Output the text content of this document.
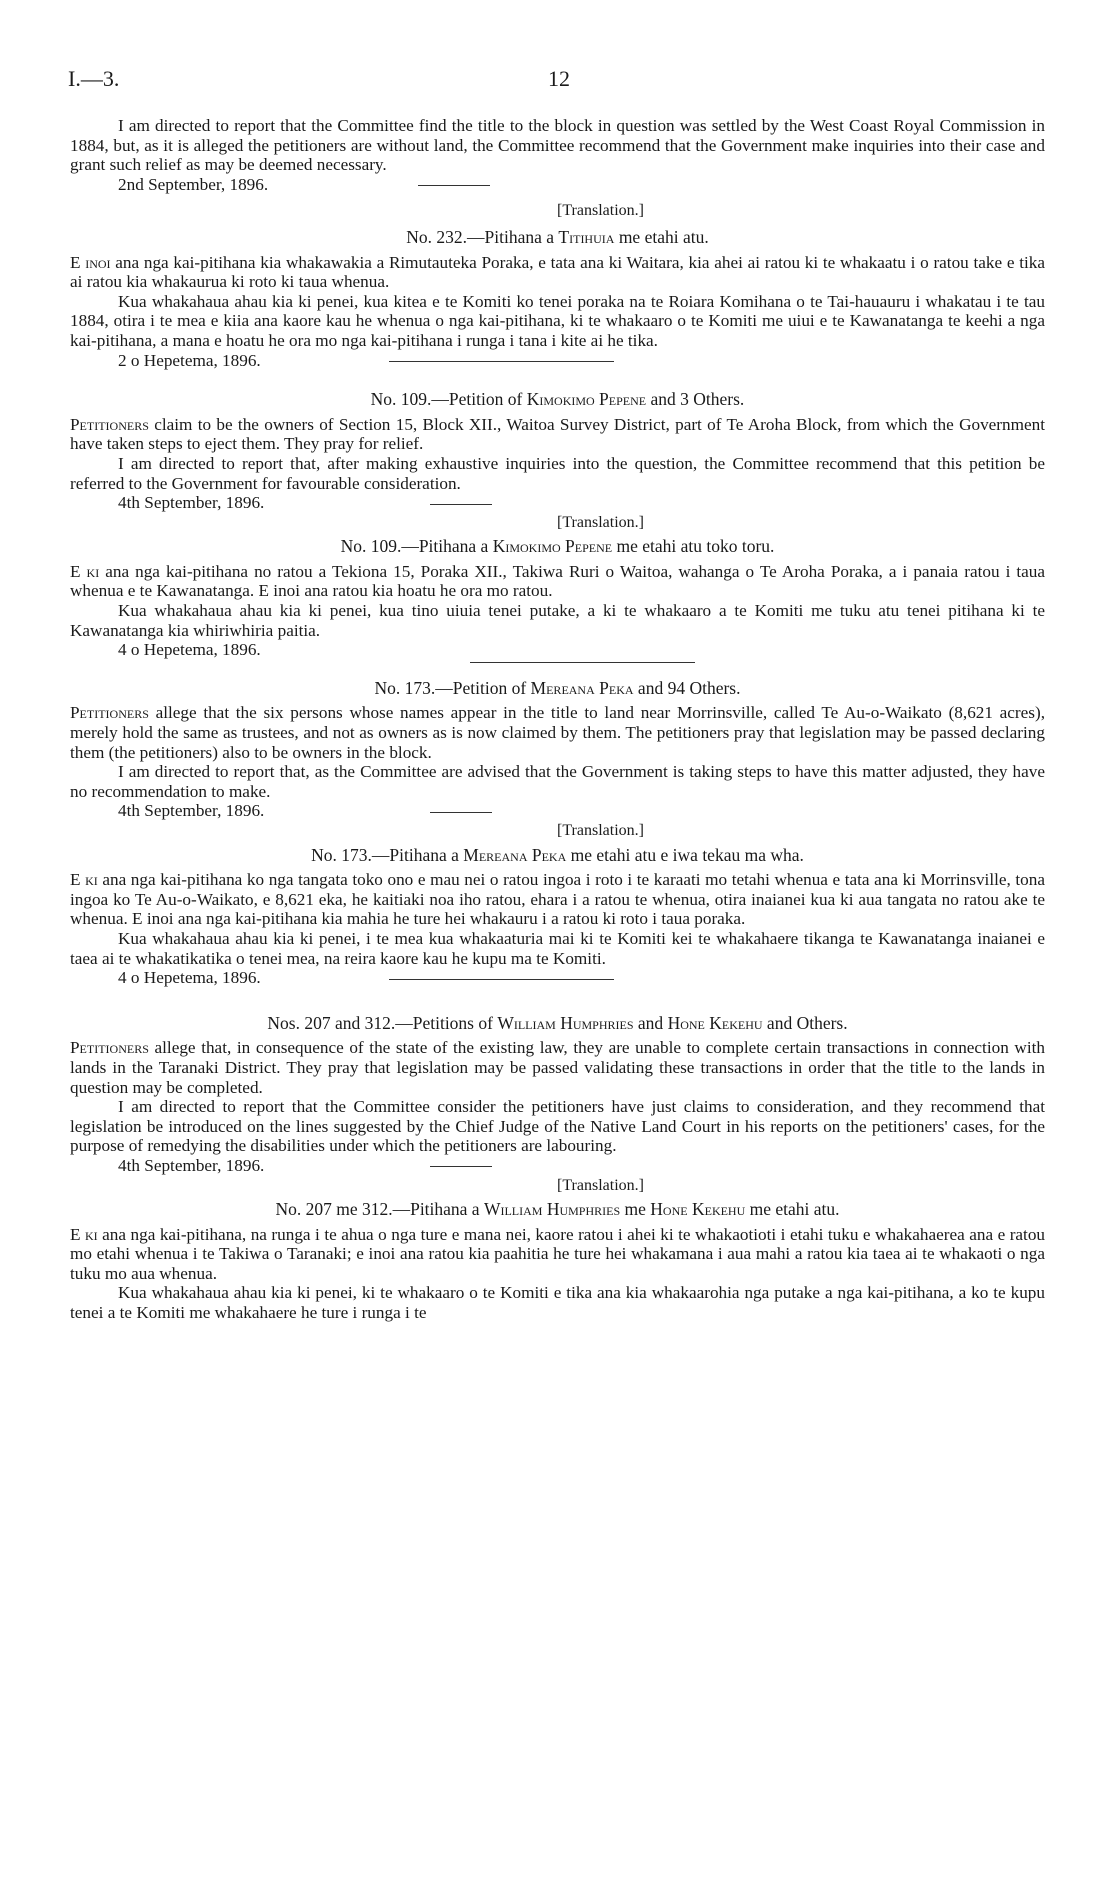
I.—3.	12

I am directed to report that the Committee find the title to the block in question was settled by the West Coast Royal Commission in 1884, but, as it is alleged the petitioners are without land, the Committee recommend that the Government make inquiries into their case and grant such relief as may be deemed necessary.

2nd September, 1896.

[Translation.]

No. 232.—Pitihana a Titihuia me etahi atu.

E inoi ana nga kai-pitihana kia whakawakia a Rimutauteka Poraka, e tata ana ki Waitara, kia ahei ai ratou ki te whakaatu i o ratou take e tika ai ratou kia whakaurua ki roto ki taua whenua.

Kua whakahaua ahau kia ki penei, kua kitea e te Komiti ko tenei poraka na te Roiara Komihana o te Tai-hauauru i whakatau i te tau 1884, otira i te mea e kiia ana kaore kau he whenua o nga kai-pitihana, ki te whakaaro o te Komiti me uiui e te Kawanatanga te keehi a nga kai-pitihana, a mana e hoatu he ora mo nga kai-pitihana i runga i tana i kite ai he tika.

2 o Hepetema, 1896.

No. 109.—Petition of Kimokimo Pepene and 3 Others.

Petitioners claim to be the owners of Section 15, Block XII., Waitoa Survey District, part of Te Aroha Block, from which the Government have taken steps to eject them. They pray for relief.

I am directed to report that, after making exhaustive inquiries into the question, the Committee recommend that this petition be referred to the Government for favourable consideration.

4th September, 1896.

[Translation.]

No. 109.—Pitihana a Kimokimo Pepene me etahi atu toko toru.

E ki ana nga kai-pitihana no ratou a Tekiona 15, Poraka XII., Takiwa Ruri o Waitoa, wahanga o Te Aroha Poraka, a i panaia ratou i taua whenua e te Kawanatanga. E inoi ana ratou kia hoatu he ora mo ratou.

Kua whakahaua ahau kia ki penei, kua tino uiuia tenei putake, a ki te whakaaro a te Komiti me tuku atu tenei pitihana ki te Kawanatanga kia whiriwhiria paitia.

4 o Hepetema, 1896.

No. 173.—Petition of Mereana Peka and 94 Others.

Petitioners allege that the six persons whose names appear in the title to land near Morrinsville, called Te Au-o-Waikato (8,621 acres), merely hold the same as trustees, and not as owners as is now claimed by them. The petitioners pray that legislation may be passed declaring them (the petitioners) also to be owners in the block.

I am directed to report that, as the Committee are advised that the Government is taking steps to have this matter adjusted, they have no recommendation to make.

4th September, 1896.

[Translation.]

No. 173.—Pitihana a Mereana Peka me etahi atu e iwa tekau ma wha.

E ki ana nga kai-pitihana ko nga tangata toko ono e mau nei o ratou ingoa i roto i te karaati mo tetahi whenua e tata ana ki Morrinsville, tona ingoa ko Te Au-o-Waikato, e 8,621 eka, he kaitiaki noa iho ratou, ehara i a ratou te whenua, otira inaianei kua ki aua tangata no ratou ake te whenua. E inoi ana nga kai-pitihana kia mahia he ture hei whakauru i a ratou ki roto i taua poraka.

Kua whakahaua ahau kia ki penei, i te mea kua whakaaturia mai ki te Komiti kei te whakahaere tikanga te Kawanatanga inaianei e taea ai te whakatikatika o tenei mea, na reira kaore kau he kupu ma te Komiti.

4 o Hepetema, 1896.

Nos. 207 and 312.—Petitions of William Humphries and Hone Kekehu and Others.

Petitioners allege that, in consequence of the state of the existing law, they are unable to complete certain transactions in connection with lands in the Taranaki District. They pray that legislation may be passed validating these transactions in order that the title to the lands in question may be completed.

I am directed to report that the Committee consider the petitioners have just claims to consideration, and they recommend that legislation be introduced on the lines suggested by the Chief Judge of the Native Land Court in his reports on the petitioners' cases, for the purpose of remedying the disabilities under which the petitioners are labouring.

4th September, 1896.

[Translation.]

No. 207 me 312.—Pitihana a William Humphries me Hone Kekehu me etahi atu.

E ki ana nga kai-pitihana, na runga i te ahua o nga ture e mana nei, kaore ratou i ahei ki te whakaotioti i etahi tuku e whakahaerea ana e ratou mo etahi whenua i te Takiwa o Taranaki; e inoi ana ratou kia paahitia he ture hei whakamana i aua mahi a ratou kia taea ai te whakaoti o nga tuku mo aua whenua.

Kua whakahaua ahau kia ki penei, ki te whakaaro o te Komiti e tika ana kia whakaarohia nga putake a nga kai-pitihana, a ko te kupu tenei a te Komiti me whakahaere he ture i runga i te
